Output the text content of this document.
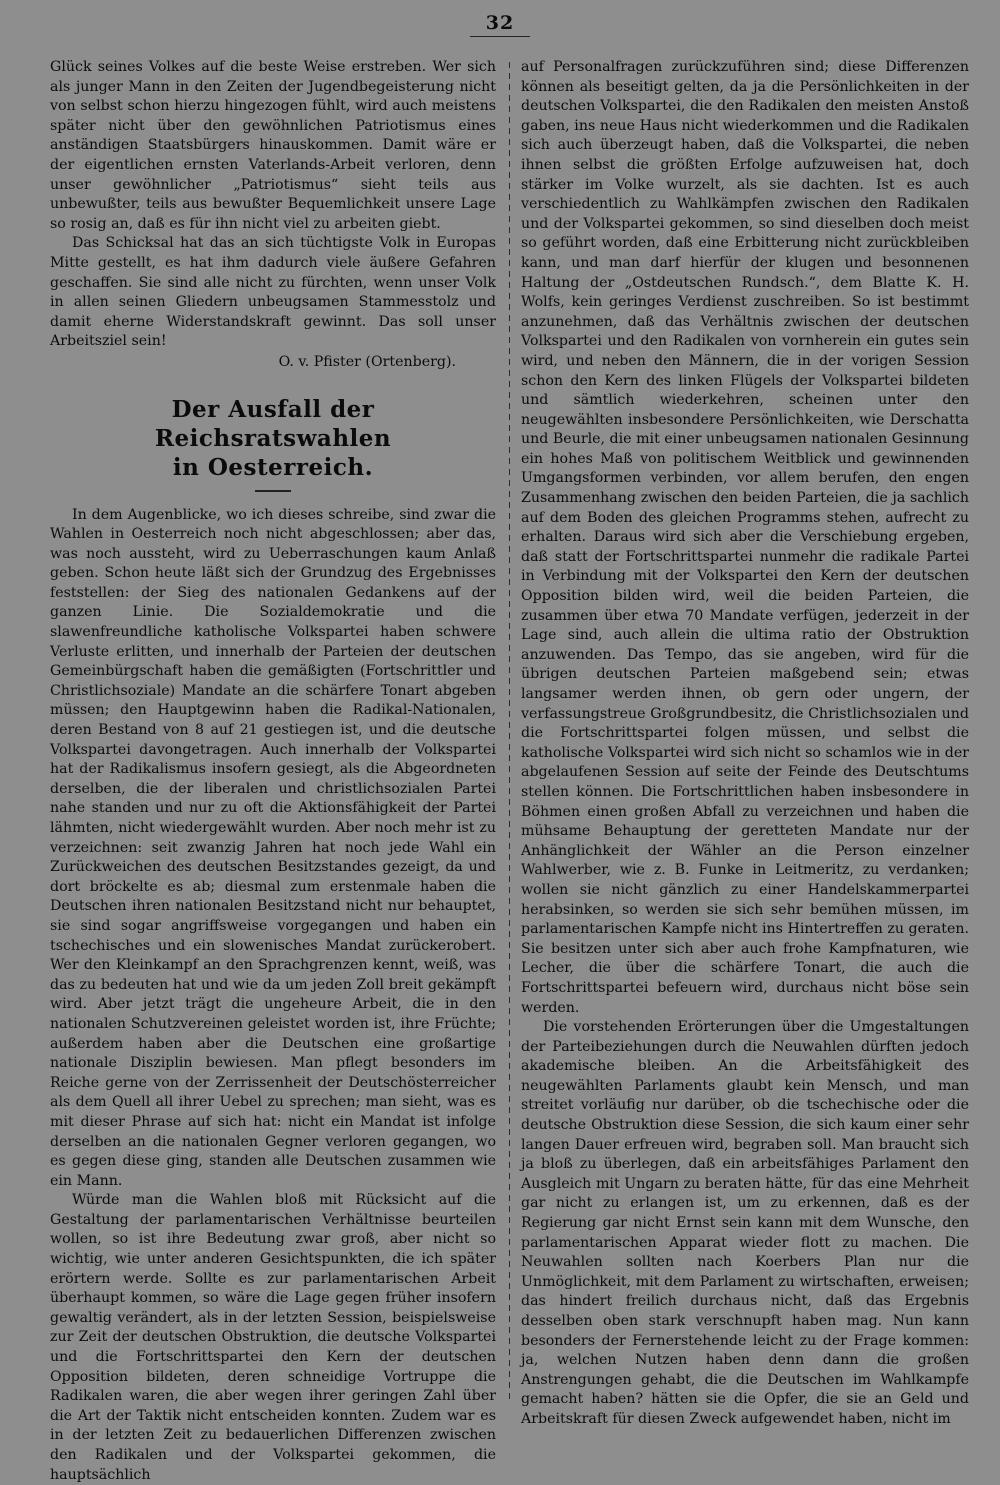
32

Glück seines Volkes auf die beste Weise erstreben. Wer sich als junger Mann in den Zeiten der Jugendbegeisterung nicht von selbst schon hierzu hingezogen fühlt, wird auch meistens später nicht über den gewöhnlichen Patriotismus eines anständigen Staatsbürgers hinauskommen. Damit wäre er der eigentlichen ernsten Vaterlands-Arbeit verloren, denn unser gewöhnlicher „Patriotismus“ sieht teils aus unbewußter, teils aus bewußter Bequemlichkeit unsere Lage so rosig an, daß es für ihn nicht viel zu arbeiten giebt.

Das Schicksal hat das an sich tüchtigste Volk in Europas Mitte gestellt, es hat ihm dadurch viele äußere Gefahren geschaffen. Sie sind alle nicht zu fürchten, wenn unser Volk in allen seinen Gliedern unbeugsamen Stammesstolz und damit eherne Widerstandskraft gewinnt. Das soll unser Arbeitsziel sein!

O. v. Pfister (Ortenberg).

Der Ausfall der Reichsratswahlen
in Oesterreich.

In dem Augenblicke, wo ich dieses schreibe, sind zwar die Wahlen in Oesterreich noch nicht abgeschlossen; aber das, was noch aussteht, wird zu Ueberraschungen kaum Anlaß geben. Schon heute läßt sich der Grundzug des Ergebnisses feststellen: der Sieg des nationalen Gedankens auf der ganzen Linie. Die Sozialdemokratie und die slawenfreundliche katholische Volkspartei haben schwere Verluste erlitten, und innerhalb der Parteien der deutschen Gemeinbürgschaft haben die gemäßigten (Fortschrittler und Christlichsoziale) Mandate an die schärfere Tonart abgeben müssen; den Hauptgewinn haben die Radikal-Nationalen, deren Bestand von 8 auf 21 gestiegen ist, und die deutsche Volkspartei davongetragen. Auch innerhalb der Volkspartei hat der Radikalismus insofern gesiegt, als die Abgeordneten derselben, die der liberalen und christlichsozialen Partei nahe standen und nur zu oft die Aktionsfähigkeit der Partei lähmten, nicht wiedergewählt wurden. Aber noch mehr ist zu verzeichnen: seit zwanzig Jahren hat noch jede Wahl ein Zurückweichen des deutschen Besitzstandes gezeigt, da und dort bröckelte es ab; diesmal zum erstenmale haben die Deutschen ihren nationalen Besitzstand nicht nur behauptet, sie sind sogar angriffsweise vorgegangen und haben ein tschechisches und ein slowenisches Mandat zurückerobert. Wer den Kleinkampf an den Sprachgrenzen kennt, weiß, was das zu bedeuten hat und wie da um jeden Zoll breit gekämpft wird. Aber jetzt trägt die ungeheure Arbeit, die in den nationalen Schutzvereinen geleistet worden ist, ihre Früchte; außerdem haben aber die Deutschen eine großartige nationale Disziplin bewiesen. Man pflegt besonders im Reiche gerne von der Zerrissenheit der Deutschösterreicher als dem Quell all ihrer Uebel zu sprechen; man sieht, was es mit dieser Phrase auf sich hat: nicht ein Mandat ist infolge derselben an die nationalen Gegner verloren gegangen, wo es gegen diese ging, standen alle Deutschen zusammen wie ein Mann.

Würde man die Wahlen bloß mit Rücksicht auf die Gestaltung der parlamentarischen Verhältnisse beurteilen wollen, so ist ihre Bedeutung zwar groß, aber nicht so wichtig, wie unter anderen Gesichtspunkten, die ich später erörtern werde. Sollte es zur parlamentarischen Arbeit überhaupt kommen, so wäre die Lage gegen früher insofern gewaltig verändert, als in der letzten Session, beispielsweise zur Zeit der deutschen Obstruktion, die deutsche Volkspartei und die Fortschrittspartei den Kern der deutschen Opposition bildeten, deren schneidige Vortruppe die Radikalen waren, die aber wegen ihrer geringen Zahl über die Art der Taktik nicht entscheiden konnten. Zudem war es in der letzten Zeit zu bedauerlichen Differenzen zwischen den Radikalen und der Volkspartei gekommen, die hauptsächlich

auf Personalfragen zurückzuführen sind; diese Differenzen können als beseitigt gelten, da ja die Persönlichkeiten in der deutschen Volkspartei, die den Radikalen den meisten Anstoß gaben, ins neue Haus nicht wiederkommen und die Radikalen sich auch überzeugt haben, daß die Volkspartei, die neben ihnen selbst die größten Erfolge aufzuweisen hat, doch stärker im Volke wurzelt, als sie dachten. Ist es auch verschiedentlich zu Wahlkämpfen zwischen den Radikalen und der Volkspartei gekommen, so sind dieselben doch meist so geführt worden, daß eine Erbitterung nicht zurückbleiben kann, und man darf hierfür der klugen und besonnenen Haltung der „Ostdeutschen Rundsch.“, dem Blatte K. H. Wolfs, kein geringes Verdienst zuschreiben. So ist bestimmt anzunehmen, daß das Verhältnis zwischen der deutschen Volkspartei und den Radikalen von vornherein ein gutes sein wird, und neben den Männern, die in der vorigen Session schon den Kern des linken Flügels der Volkspartei bildeten und sämtlich wiederkehren, scheinen unter den neugewählten insbesondere Persönlichkeiten, wie Derschatta und Beurle, die mit einer unbeugsamen nationalen Gesinnung ein hohes Maß von politischem Weitblick und gewinnenden Umgangsformen verbinden, vor allem berufen, den engen Zusammenhang zwischen den beiden Parteien, die ja sachlich auf dem Boden des gleichen Programms stehen, aufrecht zu erhalten. Daraus wird sich aber die Verschiebung ergeben, daß statt der Fortschrittspartei nunmehr die radikale Partei in Verbindung mit der Volkspartei den Kern der deutschen Opposition bilden wird, weil die beiden Parteien, die zusammen über etwa 70 Mandate verfügen, jederzeit in der Lage sind, auch allein die ultima ratio der Obstruktion anzuwenden. Das Tempo, das sie angeben, wird für die übrigen deutschen Parteien maßgebend sein; etwas langsamer werden ihnen, ob gern oder ungern, der verfassungstreue Großgrundbesitz, die Christlichsozialen und die Fortschrittspartei folgen müssen, und selbst die katholische Volkspartei wird sich nicht so schamlos wie in der abgelaufenen Session auf seite der Feinde des Deutschtums stellen können. Die Fortschrittlichen haben insbesondere in Böhmen einen großen Abfall zu verzeichnen und haben die mühsame Behauptung der geretteten Mandate nur der Anhänglichkeit der Wähler an die Person einzelner Wahlwerber, wie z. B. Funke in Leitmeritz, zu verdanken; wollen sie nicht gänzlich zu einer Handelskammerpartei herabsinken, so werden sie sich sehr bemühen müssen, im parlamentarischen Kampfe nicht ins Hintertreffen zu geraten. Sie besitzen unter sich aber auch frohe Kampfnaturen, wie Lecher, die über die schärfere Tonart, die auch die Fortschrittspartei befeuern wird, durchaus nicht böse sein werden.

Die vorstehenden Erörterungen über die Umgestaltungen der Parteibeziehungen durch die Neuwahlen dürften jedoch akademische bleiben. An die Arbeitsfähigkeit des neugewählten Parlaments glaubt kein Mensch, und man streitet vorläufig nur darüber, ob die tschechische oder die deutsche Obstruktion diese Session, die sich kaum einer sehr langen Dauer erfreuen wird, begraben soll. Man braucht sich ja bloß zu überlegen, daß ein arbeitsfähiges Parlament den Ausgleich mit Ungarn zu beraten hätte, für das eine Mehrheit gar nicht zu erlangen ist, um zu erkennen, daß es der Regierung gar nicht Ernst sein kann mit dem Wunsche, den parlamentarischen Apparat wieder flott zu machen. Die Neuwahlen sollten nach Koerbers Plan nur die Unmöglichkeit, mit dem Parlament zu wirtschaften, erweisen; das hindert freilich durchaus nicht, daß das Ergebnis desselben oben stark verschnupft haben mag. Nun kann besonders der Fernerstehende leicht zu der Frage kommen: ja, welchen Nutzen haben denn dann die großen Anstrengungen gehabt, die die Deutschen im Wahlkampfe gemacht haben? hätten sie die Opfer, die sie an Geld und Arbeitskraft für diesen Zweck aufgewendet haben, nicht im
